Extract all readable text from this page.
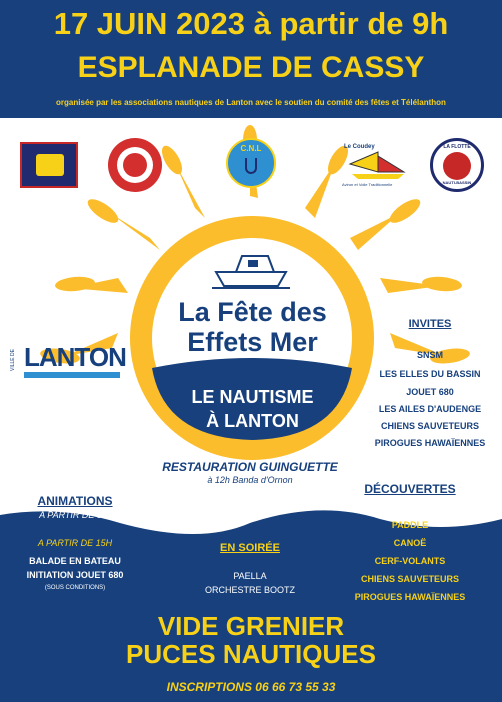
17 JUIN 2023 à partir de 9h
ESPLANADE DE CASSY
organisée par les associations nautiques de Lanton avec le soutien du comité des fêtes et Télélanthon
La Fête des
Effets Mer
LE NAUTISME
À LANTON
C.N.L	Le Coudey
Aviron et Voile Traditionnelle
LA FLOTTE
NAUTI-BASSIN
VILLE DE LANTON
INVITES
SNSM
LES ELLES DU BASSIN
JOUET 680
LES AILES D'AUDENGE
CHIENS SAUVETEURS
PIROGUES HAWAÏENNES
RESTAURATION GUINGUETTE
à 12h Banda d'Ornon
DÉCOUVERTES
ANIMATIONS
A PARTIR DE 9 H
A PARTIR DE 15H
BALADE EN BATEAU
INITIATION JOUET 680
(SOUS CONDITIONS)
EN SOIRÉE
PAELLA
ORCHESTRE BOOTZ
KITE SURF
PADDLE
CANOË
CERF-VOLANTS
CHIENS SAUVETEURS
PIROGUES HAWAÏENNES
VIDE GRENIER
PUCES NAUTIQUES
INSCRIPTIONS 06 66 73 55 33
